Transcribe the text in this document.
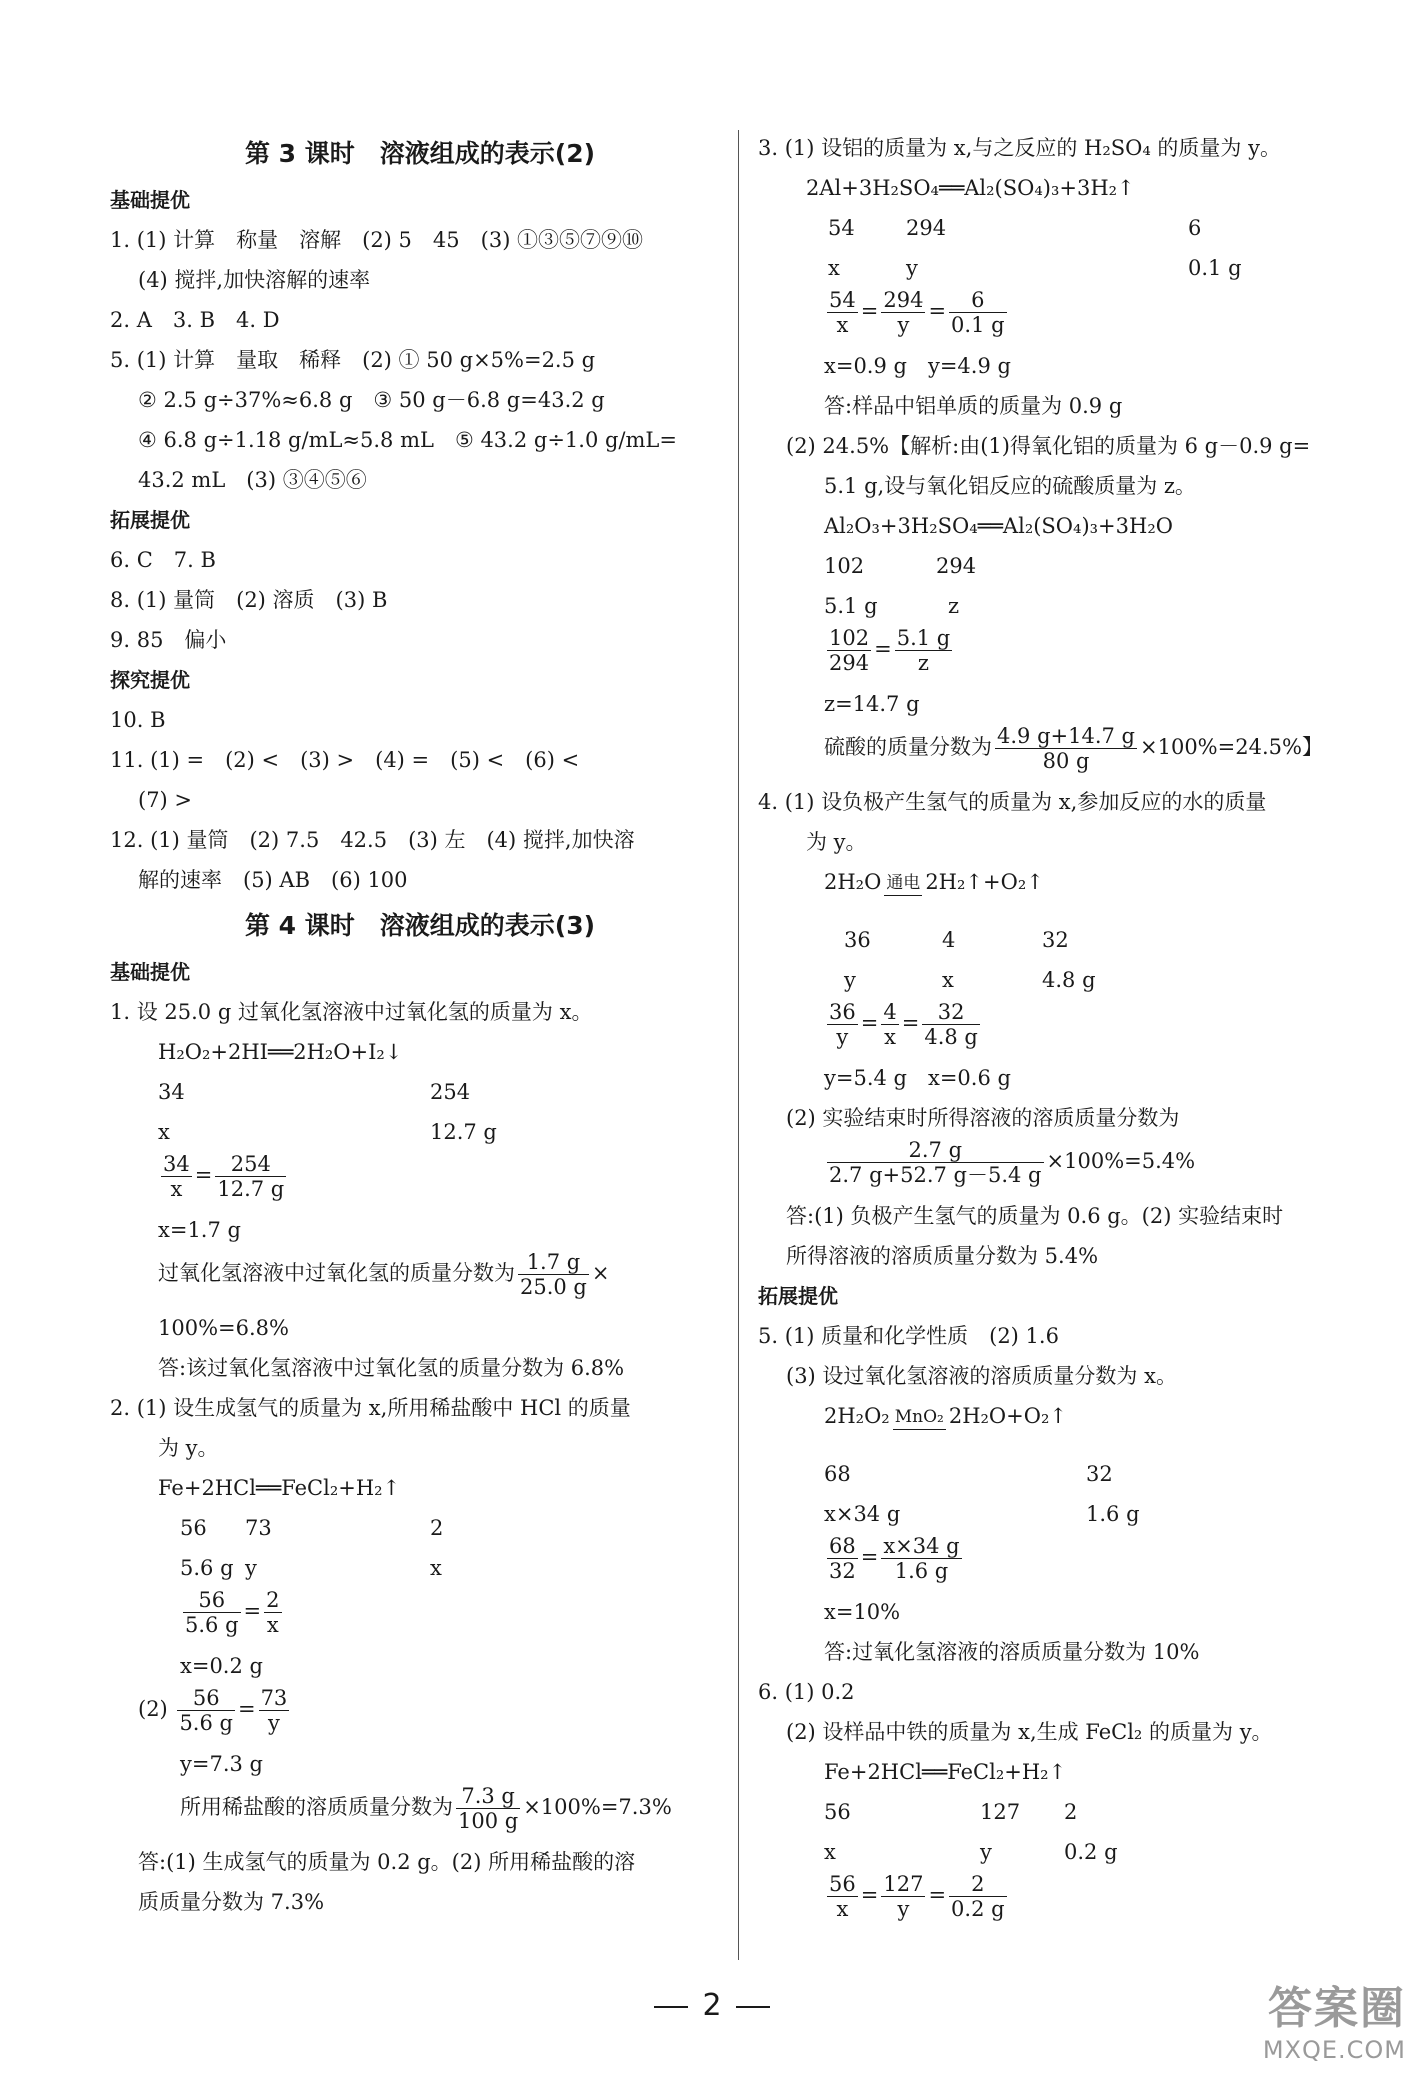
第 3 课时　溶液组成的表示(2)
基础提优
1. (1) 计算　称量　溶解　(2) 5　45　(3) ①③⑤⑦⑨⑩
(4) 搅拌,加快溶解的速率
2. A　3. B　4. D
5. (1) 计算　量取　稀释　(2) ① 50 g×5%=2.5 g
② 2.5 g÷37%≈6.8 g　③ 50 g－6.8 g=43.2 g
④ 6.8 g÷1.18 g/mL≈5.8 mL　⑤ 43.2 g÷1.0 g/mL=
43.2 mL　(3) ③④⑤⑥
拓展提优
6. C　7. B
8. (1) 量筒　(2) 溶质　(3) B
9. 85　偏小
探究提优
10. B
11. (1) =　(2) <　(3) >　(4) =　(5) <　(6) <
(7) >
12. (1) 量筒　(2) 7.5　42.5　(3) 左　(4) 搅拌,加快溶
解的速率　(5) AB　(6) 100
第 4 课时　溶液组成的表示(3)
基础提优
1. 设 25.0 g 过氧化氢溶液中过氧化氢的质量为 x。
H₂O₂+2HI══2H₂O+I₂↓
34	254
x	12.7 g
$\frac{34}{x} = \frac{254}{12.7 g}$
x=1.7 g
过氧化氢溶液中过氧化氢的质量分数为 $\frac{1.7 g}{25.0 g}$ ×
100%=6.8%
答:该过氧化氢溶液中过氧化氢的质量分数为 6.8%
2. (1) 设生成氢气的质量为 x,所用稀盐酸中 HCl 的质量
为 y。
Fe+2HCl══FeCl₂+H₂↑
56 73	2
5.6 g y	x
$\frac{56}{5.6 g} = \frac{2}{x}$
x=0.2 g
$(2) \frac{56}{5.6 g} = \frac{73}{y}$
y=7.3 g
所用稀盐酸的溶质质量分数为 $\frac{7.3 g}{100 g} \times 100\%=7.3\%$
答:(1) 生成氢气的质量为 0.2 g。(2) 所用稀盐酸的溶
质质量分数为 7.3%
3. (1) 设铝的质量为 x,与之反应的 H₂SO₄ 的质量为 y。
2Al+3H₂SO₄══Al₂(SO₄)₃+3H₂↑
54 294	6
x	y	0.1 g
$\frac{54}{x} = \frac{294}{y} = \frac{6}{0.1 g}$
x=0.9 g　y=4.9 g
答:样品中铝单质的质量为 0.9 g
(2) 24.5%【解析:由(1)得氧化铝的质量为 6 g－0.9 g=
5.1 g,设与氧化铝反应的硫酸质量为 z。
Al₂O₃+3H₂SO₄══Al₂(SO₄)₃+3H₂O
102	294
5.1 g	z
$\frac{102}{294} = \frac{5.1 g}{z}$
z=14.7 g
硫酸的质量分数为 $\frac{4.9 g+14.7 g}{80 g} \times 100\%=24.5\%$】
4. (1) 设负极产生氢气的质量为 x,参加反应的水的质量
为 y。
2H₂O 通电 2H₂↑+O₂↑
36	4	32
y	x	4.8 g
$\frac{36}{y} = \frac{4}{x} = \frac{32}{4.8 g}$
y=5.4 g　x=0.6 g
(2) 实验结束时所得溶液的溶质质量分数为
$\frac{2.7 g}{2.7 g+52.7 g-5.4 g} \times 100\%=5.4\%$
答:(1) 负极产生氢气的质量为 0.6 g。(2) 实验结束时
所得溶液的溶质质量分数为 5.4%
拓展提优
5. (1) 质量和化学性质　(2) 1.6
(3) 设过氧化氢溶液的溶质质量分数为 x。
2H₂O₂ MnO₂ 2H₂O+O₂↑
68	32
x×34 g	1.6 g
$\frac{68}{32} = \frac{x\times 34 g}{1.6 g}$
x=10%
答:过氧化氢溶液的溶质质量分数为 10%
6. (1) 0.2
(2) 设样品中铁的质量为 x,生成 FeCl₂ 的质量为 y。
Fe+2HCl══FeCl₂+H₂↑
56	127 2
x	y	0.2 g
$\frac{56}{x} = \frac{127}{y} = \frac{2}{0.2 g}$
2	答案圈
MXQE.COM
